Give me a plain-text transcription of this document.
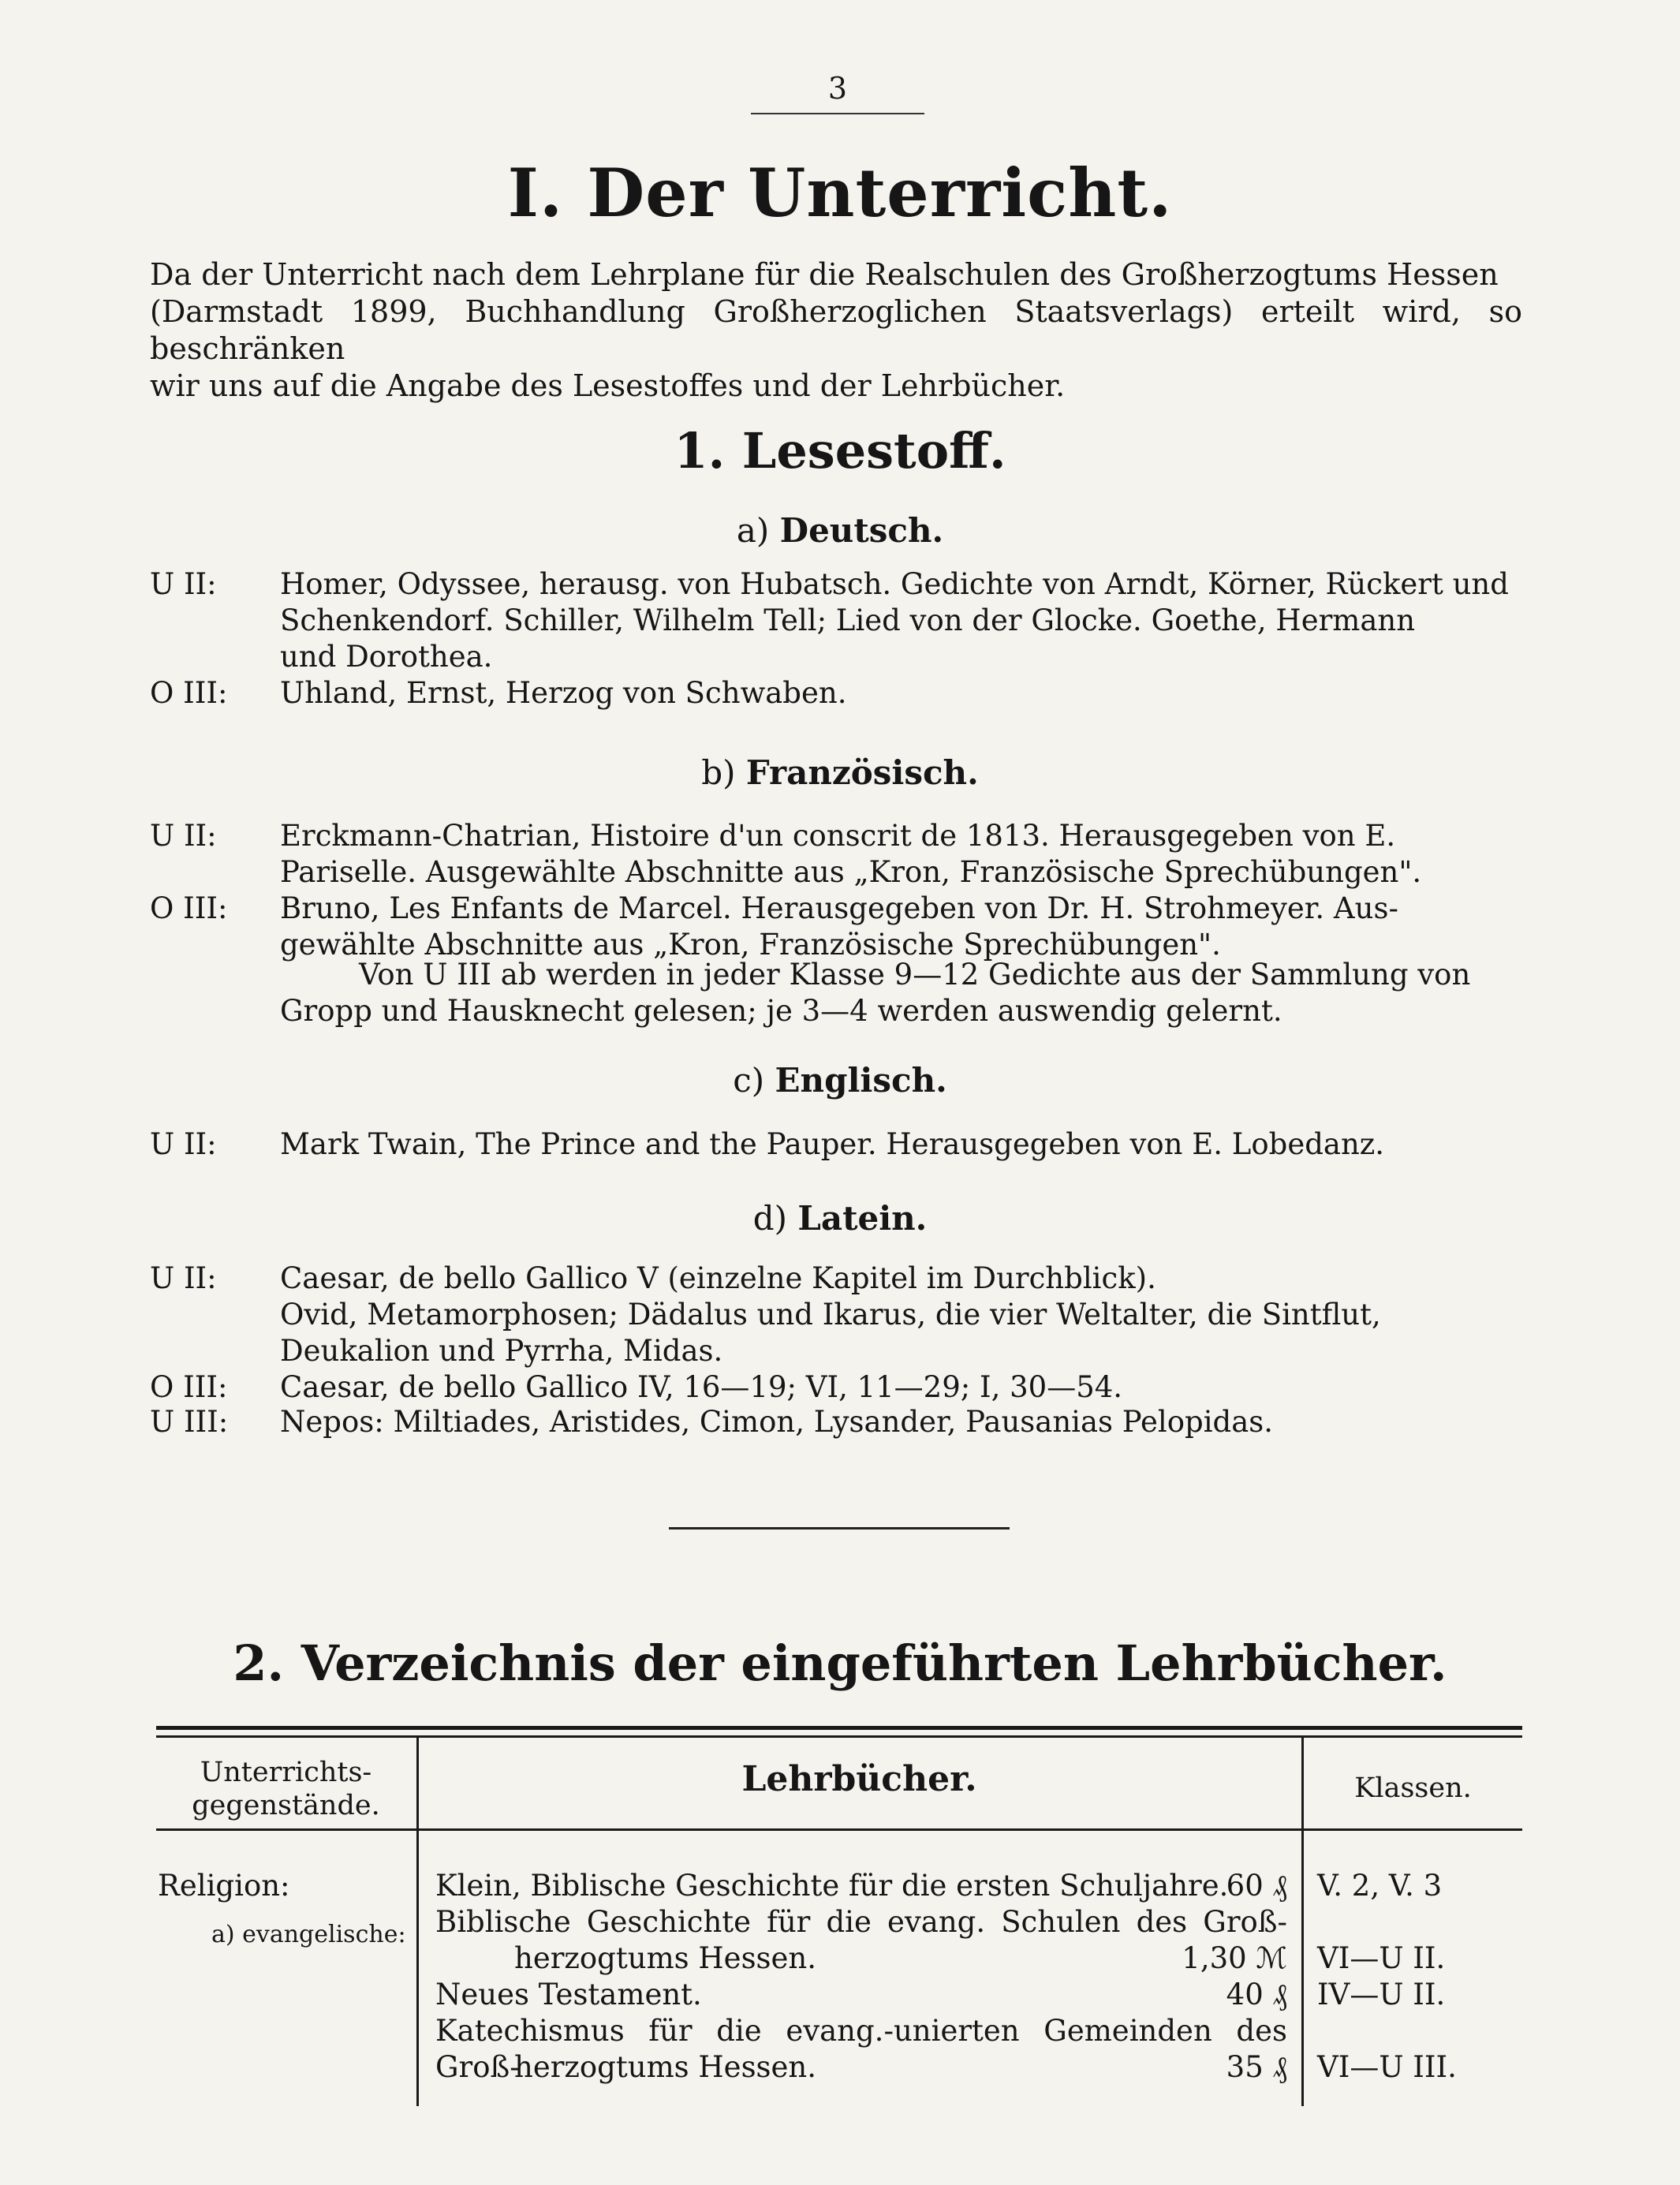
3
I. Der Unterricht.

Da der Unterricht nach dem Lehrplane für die Realschulen des Großherzogtums Hessen

(Darmstadt 1899, Buchhandlung Großherzoglichen Staatsverlags) erteilt wird, so beschränken

wir uns auf die Angabe des Lesestoffes und der Lehrbücher.

1. Lesestoff.
a) Deutsch.
U II:	Homer, Odyssee, herausg. von Hubatsch. Gedichte von Arndt, Körner, Rückert und
Schenkendorf. Schiller, Wilhelm Tell; Lied von der Glocke. Goethe, Hermann
und Dorothea.
O III:	Uhland, Ernst, Herzog von Schwaben.
b) Französisch.
U II:	Erckmann-Chatrian, Histoire d'un conscrit de 1813. Herausgegeben von E.
Pariselle. Ausgewählte Abschnitte aus „Kron, Französische Sprechübungen".
O III:	Bruno, Les Enfants de Marcel. Herausgegeben von Dr. H. Strohmeyer. Aus-
gewählte Abschnitte aus „Kron, Französische Sprechübungen".
Von U III ab werden in jeder Klasse 9—12 Gedichte aus der Sammlung von
Gropp und Hausknecht gelesen; je 3—4 werden auswendig gelernt.
c) Englisch.
U II:	Mark Twain, The Prince and the Pauper. Herausgegeben von E. Lobedanz.
d) Latein.
U II:	Caesar, de bello Gallico V (einzelne Kapitel im Durchblick).
Ovid, Metamorphosen; Dädalus und Ikarus, die vier Weltalter, die Sintflut,
Deukalion und Pyrrha, Midas.
O III:	Caesar, de bello Gallico IV, 16—19; VI, 11—29; I, 30—54.
U III:	Nepos: Miltiades, Aristides, Cimon, Lysander, Pausanias Pelopidas.
2. Verzeichnis der eingeführten Lehrbücher.
Unterrichts-
gegenstände.
Lehrbücher.	Klassen.
Religion:
a) evangelische:
Klein, Biblische Geschichte für die ersten Schuljahre.
60 ₰ V. 2, V. 3
Biblische Geschichte für die evang. Schulen des Groß-
herzogtums Hessen.	1,30 ℳ VI—U II.
Neues Testament.	40 ₰ IV—U II.
Katechismus für die evang.-unierten Gemeinden des Groß-
herzogtums Hessen.	35 ₰ VI—U III.
